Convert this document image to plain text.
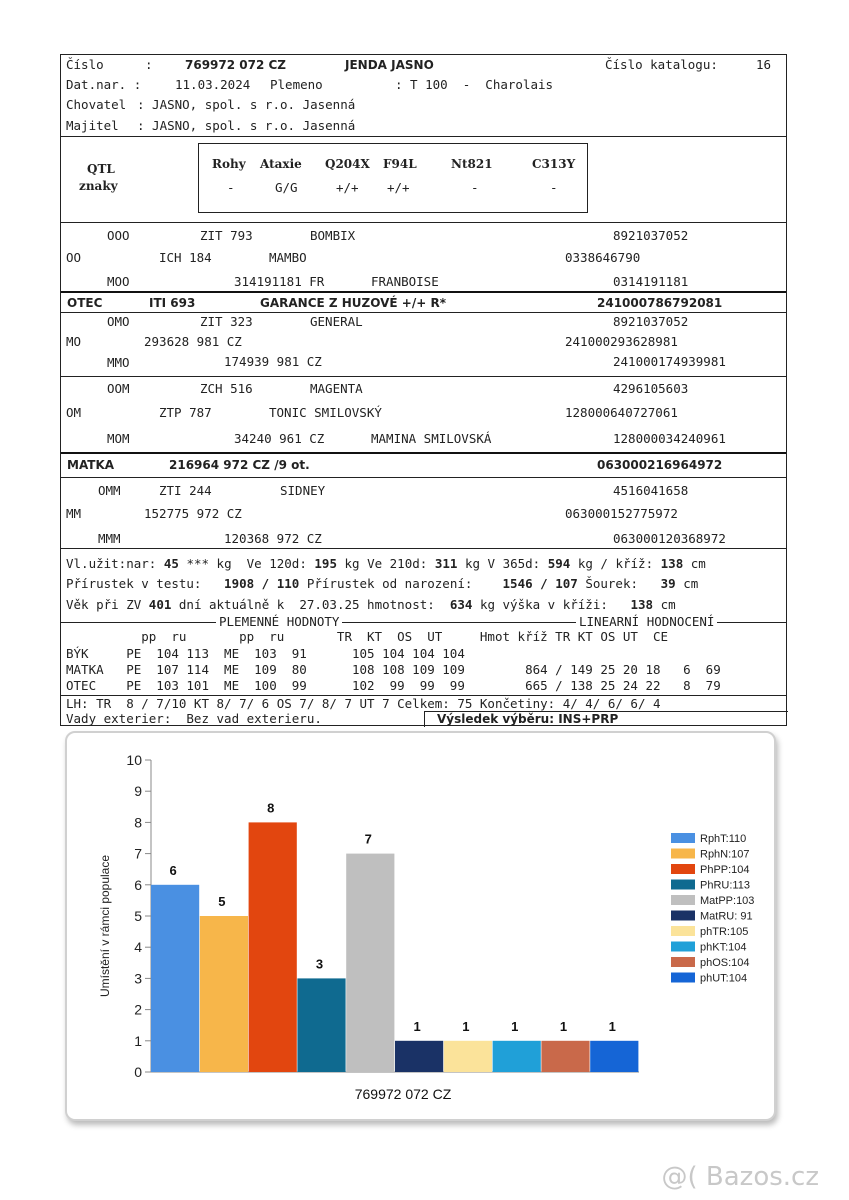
Číslo	:	769972 072 CZ	JENDA JASNO	Číslo katalogu:	16
Dat.nar. :	11.03.2024 Plemeno	: T 100  -  Charolais
Chovatel : JASNO, spol. s r.o. Jasenná
Majitel : JASNO, spol. s r.o. Jasenná
QTL
znaky
Rohy Ataxie Q204X F94L	Nt821	C313Y
-	G/G	+/+ +/+	-	-
OOO	ZIT 793	BOMBIX	8921037052
OO	ICH 184	MAMBO	0338646790
MOO	314191181 FR	FRANBOISE	0314191181
OTEC	ITI 693	GARANCE Z HUZOVÉ +/+ R*	241000786792081
OMO	ZIT 323	GENERAL	8921037052
MO	293628 981 CZ	241000293628981
MMO	174939 981 CZ	241000174939981
OOM	ZCH 516	MAGENTA	4296105603
OM	ZTP 787	TONIC SMILOVSKÝ	128000640727061
MOM	34240 961 CZ	MAMINA SMILOVSKÁ	128000034240961
MATKA	216964 972 CZ /9 ot.	063000216964972
OMM	ZTI 244	SIDNEY	4516041658
MM	152775 972 CZ	063000152775972
MMM	120368 972 CZ	063000120368972
Vl.užit:nar: 45 *** kg  Ve 120d: 195 kg Ve 210d: 311 kg V 365d: 594 kg / kříž: 138 cm
Přírustek v testu: 1908 / 110 Přírustek od narození: 1546 / 107 Šourek: 39 cm
Věk při ZV 401 dní aktuálně k  27.03.25 hmotnost: 634 kg výška v kříži: 138 cm
PLEMENNÉ HODNOTY	LINEARNÍ HODNOCENÍ
pp  ru       pp  ru       TR  KT  OS  UT     Hmot kříž TR KT OS UT  CE
BÝK     PE  104 113  ME  103  91      105 104 104 104
MATKA   PE  107 114  ME  109  80      108 108 109 109        864 / 149 25 20 18   6  69
OTEC    PE  103 101  ME  100  99      102  99  99  99        665 / 138 25 24 22   8  79
LH: TR  8 / 7/10 KT 8/ 7/ 6 OS 7/ 8/ 7 UT 7 Celkem: 75 Končetiny: 4/ 4/ 6/ 6/ 4
Vady exterier:  Bez vad exterieru.	Výsledek výběru: INS+PRP
0
1
2
3
4
5
6
7
8
9
10
6
5
8
3
7
1	1	1	1	1
769972 072 CZ
Umístění v rámci populace
RphT:110
RphN:107
PhPP:104
PhRU:113
MatPP:103
MatRU: 91
phTR:105
phKT:104
phOS:104
phUT:104
@( Bazos.cz
